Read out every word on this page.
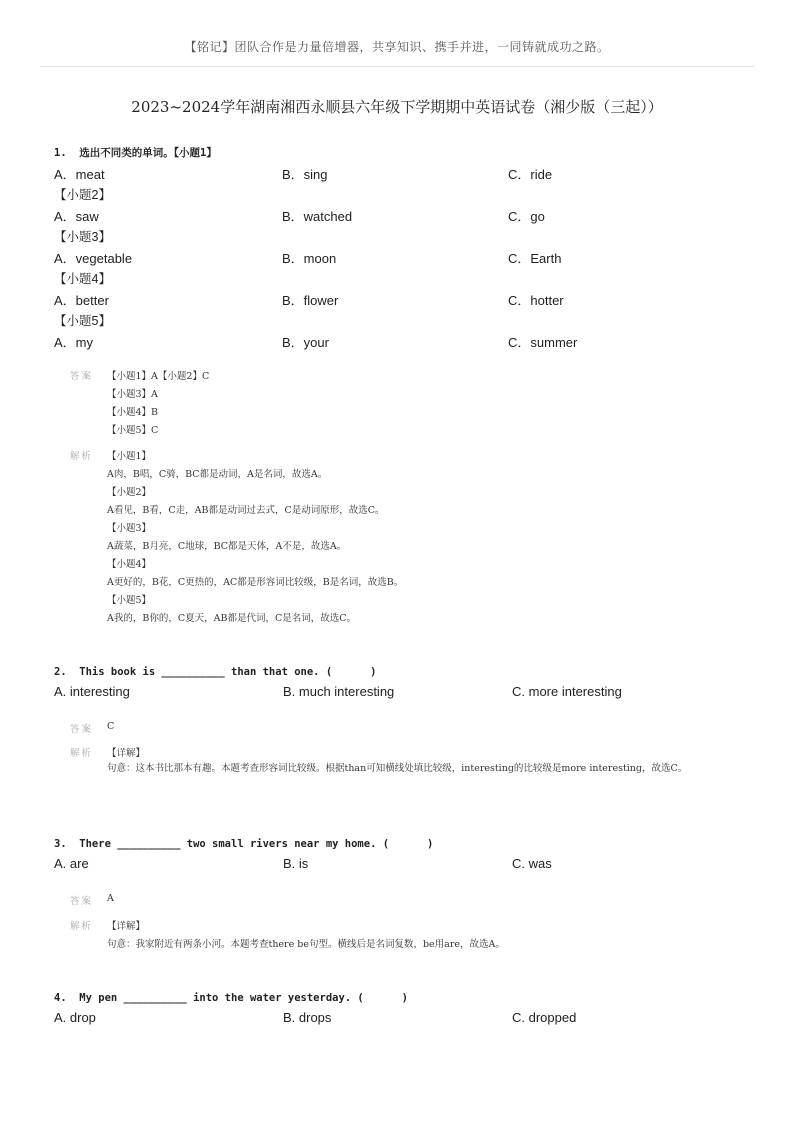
【铭记】团队合作是力量倍增器，共享知识、携手并进，一同铸就成功之路。
2023~2024学年湖南湘西永顺县六年级下学期期中英语试卷（湘少版（三起））
1.  选出不同类的单词。【小题1】
A．meat	B．sing	C．ride
【小题2】
A．saw	B．watched	C．go
【小题3】
A．vegetable	B．moon	C．Earth
【小题4】
A．better	B．flower	C．hotter
【小题5】
A．my	B．your	C．summer
答案 【小题1】A【小题2】C
【小题3】A
【小题4】B
【小题5】C
解析 【小题1】
A肉，B唱，C骑，BC都是动词，A是名词，故选A。
【小题2】
A看见，B看，C走，AB都是动词过去式，C是动词原形，故选C。
【小题3】
A蔬菜，B月亮，C地球，BC都是天体，A不是，故选A。
【小题4】
A更好的，B花，C更热的，AC都是形容词比较级，B是名词，故选B。
【小题5】
A我的，B你的，C夏天，AB都是代词，C是名词，故选C。
2.  This book is __________ than that one. (      )
A. interesting	B. much interesting	C. more interesting
答案 C
解析 【详解】
句意：这本书比那本有趣。本题考查形容词比较级。根据than可知横线处填比较级，interesting的比较级是more interesting，故选C。
3.  There __________ two small rivers near my home. (      )
A. are	B. is	C. was
答案 A
解析 【详解】
句意：我家附近有两条小河。本题考查there be句型。横线后是名词复数，be用are，故选A。
4.  My pen __________ into the water yesterday. (      )
A. drop	B. drops	C. dropped
